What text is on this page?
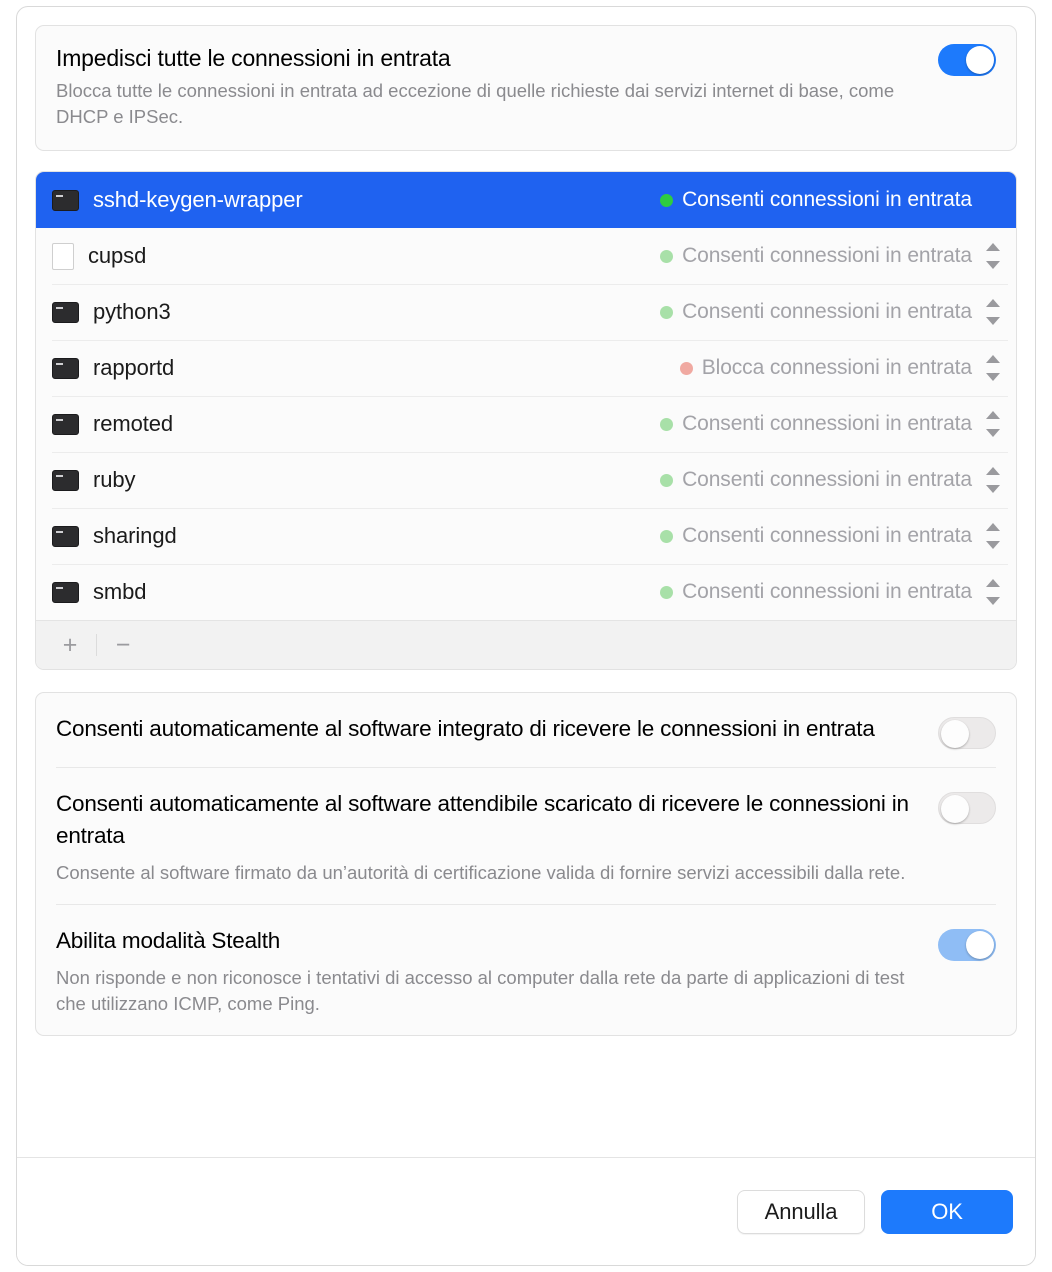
Impedisci tutte le connessioni in entrata
Blocca tutte le connessioni in entrata ad eccezione di quelle richieste dai servizi internet di base, come DHCP e IPSec.
sshd-keygen-wrapper	Consenti connessioni in entrata
cupsd	Consenti connessioni in entrata
python3	Consenti connessioni in entrata
rapportd	Blocca connessioni in entrata
remoted	Consenti connessioni in entrata
ruby	Consenti connessioni in entrata
sharingd	Consenti connessioni in entrata
smbd	Consenti connessioni in entrata
+	−
Consenti automaticamente al software integrato di ricevere le connessioni in entrata
Consenti automaticamente al software attendibile scaricato di ricevere le connessioni in entrata
Consente al software firmato da un’autorità di certificazione valida di fornire servizi accessibili dalla rete.
Abilita modalità Stealth
Non risponde e non riconosce i tentativi di accesso al computer dalla rete da parte di applicazioni di test che utilizzano ICMP, come Ping.
Annulla	OK
